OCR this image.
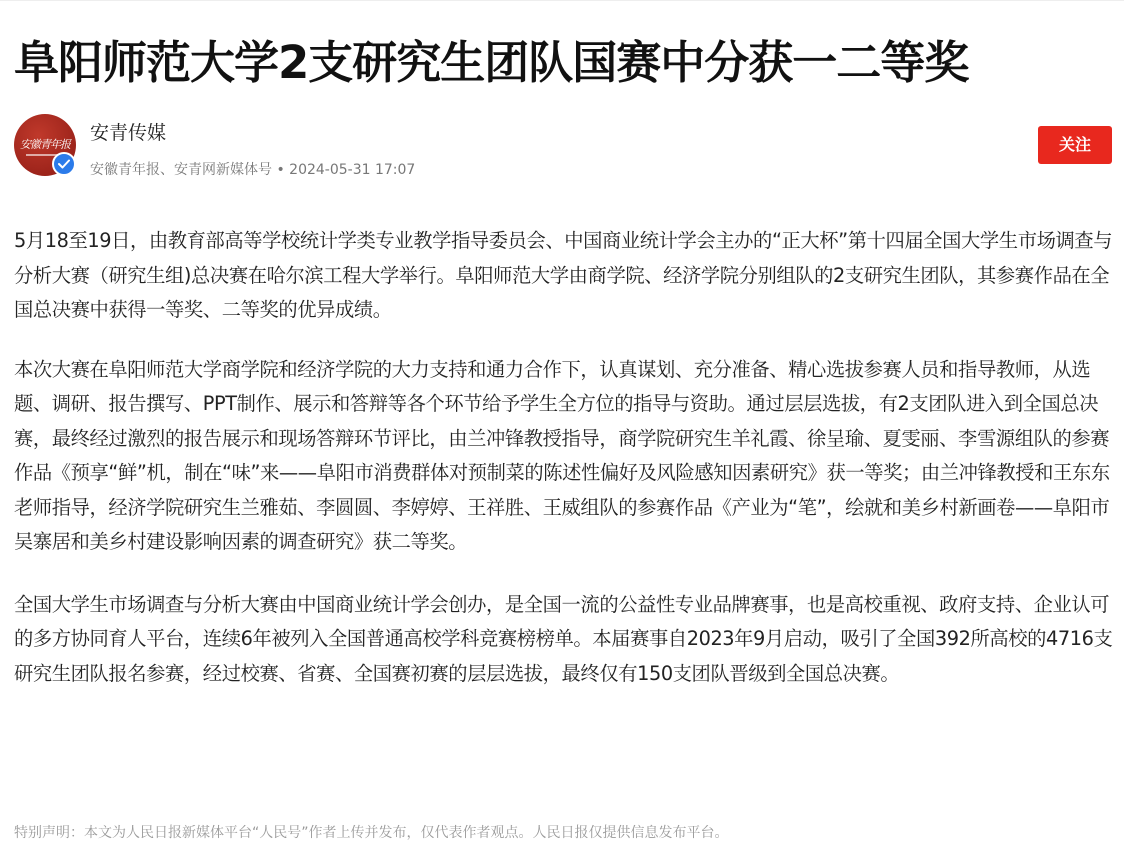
阜阳师范大学2支研究生团队国赛中分获一二等奖
安徽青年报
安青传媒
安徽青年报、安青网新媒体号 • 2024-05-31 17:07
关注

5月18至19日，由教育部高等学校统计学类专业教学指导委员会、中国商业统计学会主办的“正大杯”第十四届全国大学生市场调查与分析大赛（研究生组)总决赛在哈尔滨工程大学举行。阜阳师范大学由商学院、经济学院分别组队的2支研究生团队，其参赛作品在全国总决赛中获得一等奖、二等奖的优异成绩。

本次大赛在阜阳师范大学商学院和经济学院的大力支持和通力合作下，认真谋划、充分准备、精心选拔参赛人员和指导教师，从选题、调研、报告撰写、PPT制作、展示和答辩等各个环节给予学生全方位的指导与资助。通过层层选拔，有2支团队进入到全国总决赛，最终经过激烈的报告展示和现场答辩环节评比，由兰冲锋教授指导，商学院研究生羊礼霞、徐呈瑜、夏雯丽、李雪源组队的参赛作品《预享“鲜”机，制在“味”来——阜阳市消费群体对预制菜的陈述性偏好及风险感知因素研究》获一等奖；由兰冲锋教授和王东东老师指导，经济学院研究生兰雅茹、李圆圆、李婷婷、王祥胜、王威组队的参赛作品《产业为“笔”，绘就和美乡村新画卷——阜阳市吴寨居和美乡村建设影响因素的调查研究》获二等奖。

全国大学生市场调查与分析大赛由中国商业统计学会创办，是全国一流的公益性专业品牌赛事，也是高校重视、政府支持、企业认可的多方协同育人平台，连续6年被列入全国普通高校学科竞赛榜榜单。本届赛事自2023年9月启动，吸引了全国392所高校的4716支研究生团队报名参赛，经过校赛、省赛、全国赛初赛的层层选拔，最终仅有150支团队晋级到全国总决赛。

特别声明：本文为人民日报新媒体平台“人民号”作者上传并发布，仅代表作者观点。人民日报仅提供信息发布平台。
